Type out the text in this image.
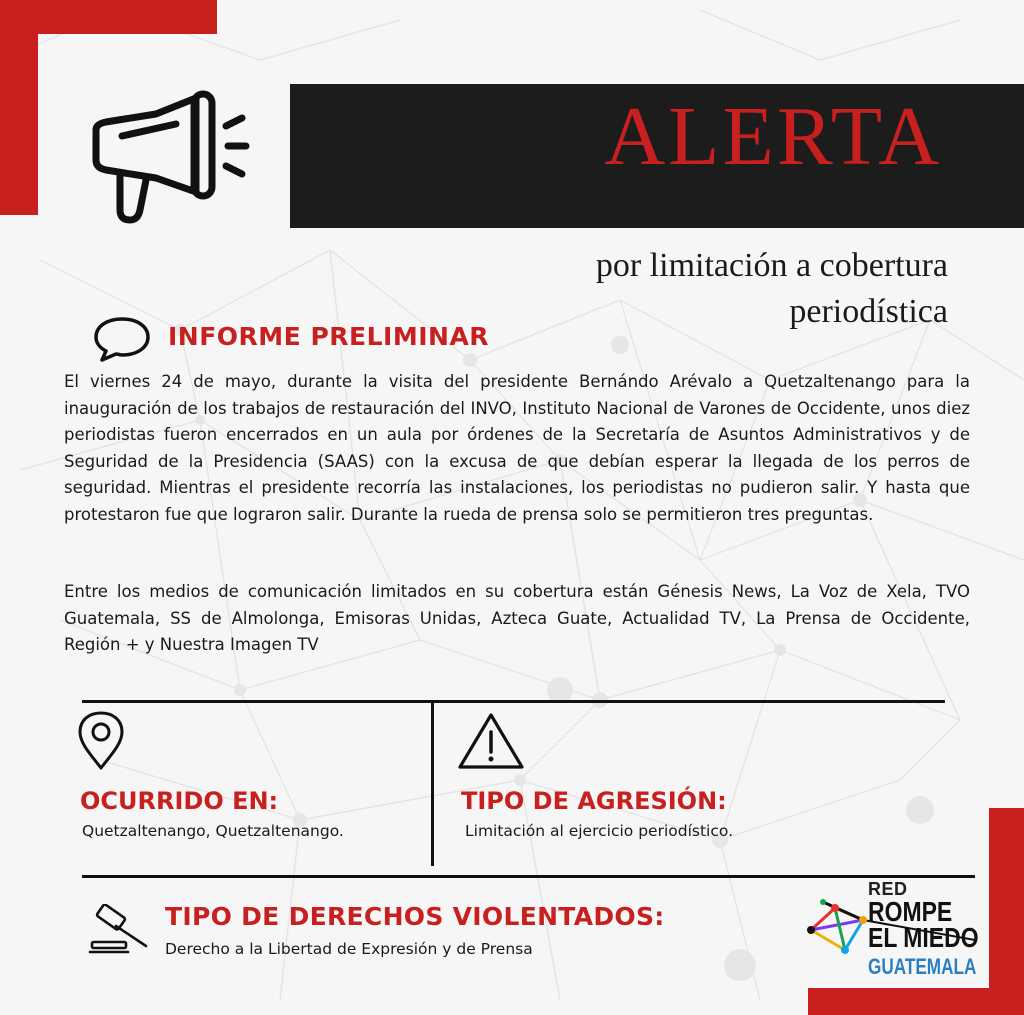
ALERTA
por limitación a cobertura
periodística
INFORME PRELIMINAR
El viernes 24 de mayo, durante la visita del presidente Bernándo Arévalo a Quetzaltenango para la inauguración de los trabajos de restauración del INVO, Instituto Nacional de Varones de Occidente, unos diez periodistas fueron encerrados en un aula por órdenes de la Secretaría de Asuntos Administrativos y de Seguridad de la Presidencia (SAAS) con la excusa de que debían esperar la llegada de los perros de seguridad. Mientras el presidente recorría las instalaciones, los periodistas no pudieron salir. Y hasta que protestaron fue que lograron salir. Durante la rueda de prensa solo se permitieron tres preguntas.
Entre los medios de comunicación limitados en su cobertura están Génesis News, La Voz de Xela, TVO Guatemala, SS de Almolonga, Emisoras Unidas, Azteca Guate, Actualidad TV, La Prensa de Occidente, Región + y Nuestra Imagen TV
OCURRIDO EN:
Quetzaltenango, Quetzaltenango.
TIPO DE AGRESIÓN:
Limitación al ejercicio periodístico.
TIPO DE DERECHOS VIOLENTADOS:
Derecho a la Libertad de Expresión y de Prensa
RED
ROMPE
EL MIEDO
GUATEMALA
